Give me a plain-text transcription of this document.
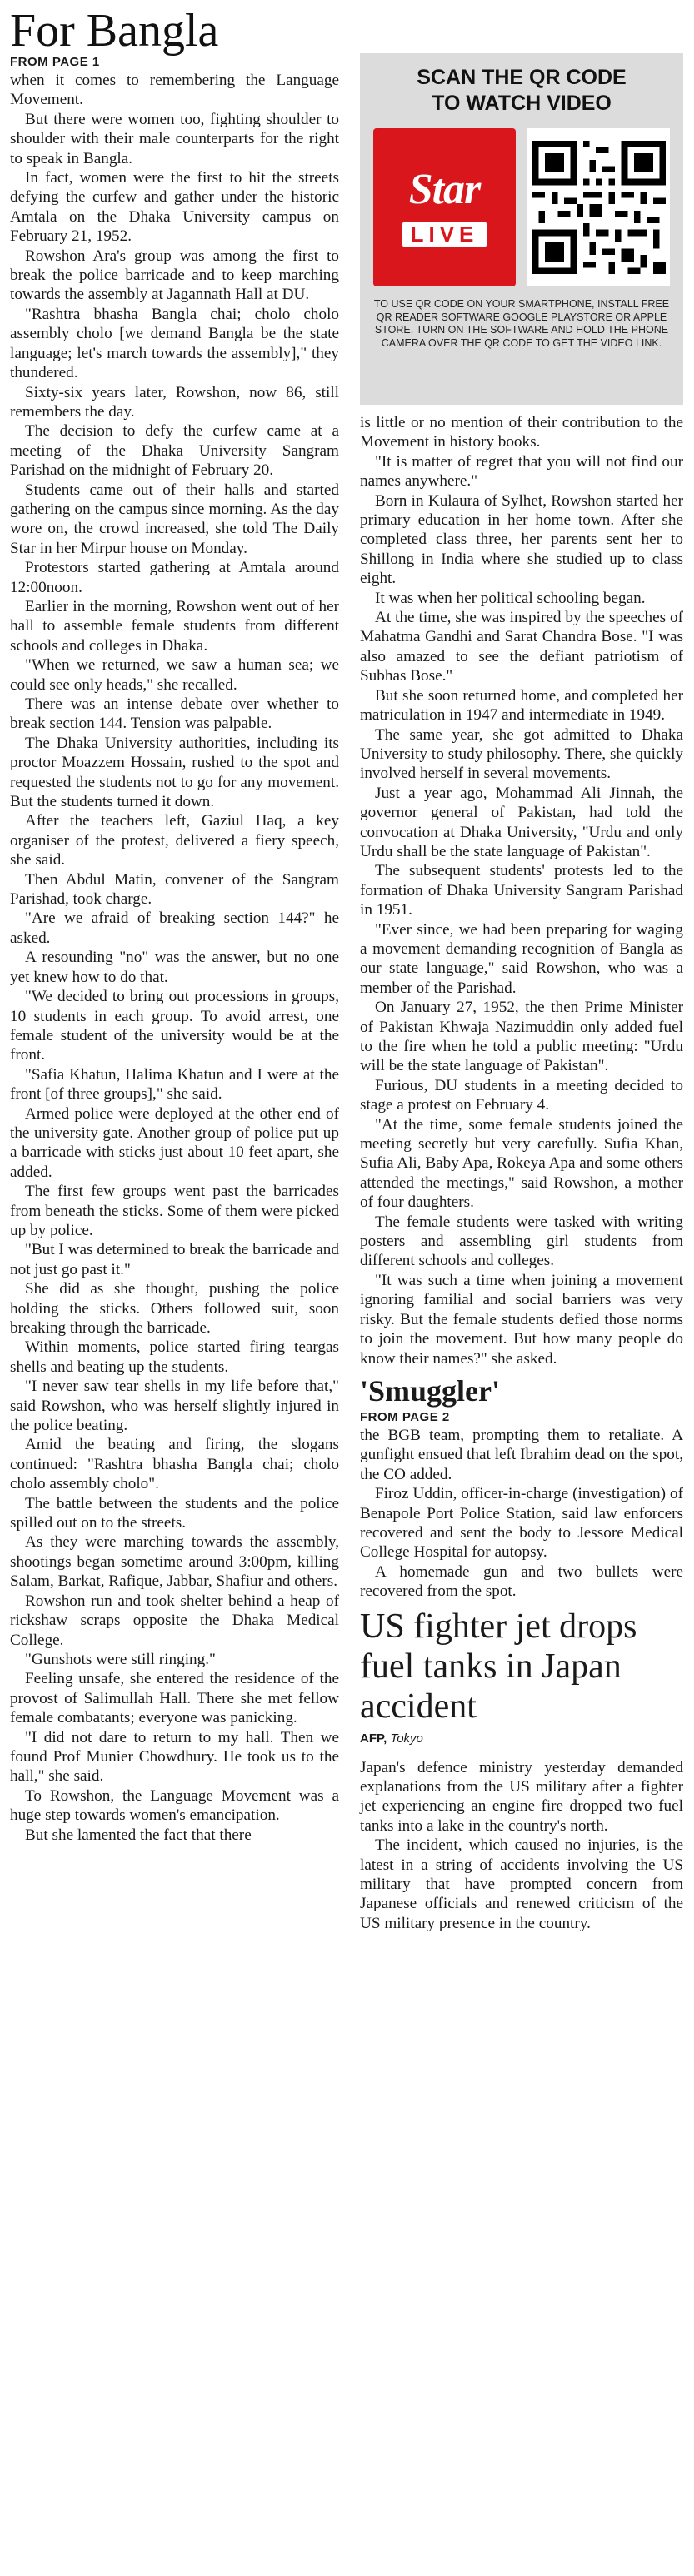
For Bangla
FROM PAGE 1

when it comes to remembering the Language Movement.

But there were women too, fighting shoulder to shoulder with their male counterparts for the right to speak in Bangla.

In fact, women were the first to hit the streets defying the curfew and gather under the historic Amtala on the Dhaka University campus on February 21, 1952.

Rowshon Ara's group was among the first to break the police barricade and to keep marching towards the assembly at Jagannath Hall at DU.

"Rashtra bhasha Bangla chai; cholo cholo assembly cholo [we demand Bangla be the state language; let's march towards the assembly]," they thundered.

Sixty-six years later, Rowshon, now 86, still remembers the day.

The decision to defy the curfew came at a meeting of the Dhaka University Sangram Parishad on the midnight of February 20.

Students came out of their halls and started gathering on the campus since morning. As the day wore on, the crowd increased, she told The Daily Star in her Mirpur house on Monday.

Protestors started gathering at Amtala around 12:00noon.

Earlier in the morning, Rowshon went out of her hall to assemble female students from different schools and colleges in Dhaka.

"When we returned, we saw a human sea; we could see only heads," she recalled.

There was an intense debate over whether to break section 144. Tension was palpable.

The Dhaka University authorities, including its proctor Moazzem Hossain, rushed to the spot and requested the students not to go for any movement. But the students turned it down.

After the teachers left, Gaziul Haq, a key organiser of the protest, delivered a fiery speech, she said.

Then Abdul Matin, convener of the Sangram Parishad, took charge.

"Are we afraid of breaking section 144?" he asked.

A resounding "no" was the answer, but no one yet knew how to do that.

"We decided to bring out processions in groups, 10 students in each group. To avoid arrest, one female student of the university would be at the front.

"Safia Khatun, Halima Khatun and I were at the front [of three groups]," she said.

Armed police were deployed at the other end of the university gate. Another group of police put up a barricade with sticks just about 10 feet apart, she added.

The first few groups went past the barricades from beneath the sticks. Some of them were picked up by police.

"But I was determined to break the barricade and not just go past it."

She did as she thought, pushing the police holding the sticks. Others followed suit, soon breaking through the barricade.

Within moments, police started firing teargas shells and beating up the students.

"I never saw tear shells in my life before that," said Rowshon, who was herself slightly injured in the police beating.

Amid the beating and firing, the slogans continued: "Rashtra bhasha Bangla chai; cholo cholo assembly cholo".

The battle between the students and the police spilled out on to the streets.

As they were marching towards the assembly, shootings began sometime around 3:00pm, killing Salam, Barkat, Rafique, Jabbar, Shafiur and others.

Rowshon run and took shelter behind a heap of rickshaw scraps opposite the Dhaka Medical College.

"Gunshots were still ringing."

Feeling unsafe, she entered the residence of the provost of Salimullah Hall. There she met fellow female combatants; everyone was panicking.

"I did not dare to return to my hall. Then we found Prof Munier Chowdhury. He took us to the hall," she said.

To Rowshon, the Language Movement was a huge step towards women's emancipation.

But she lamented the fact that there

SCAN THE QR CODE
TO WATCH VIDEO
Star
LIVE
TO USE QR CODE ON YOUR SMARTPHONE, INSTALL FREE QR READER SOFTWARE GOOGLE PLAYSTORE OR APPLE STORE. TURN ON THE SOFTWARE AND HOLD THE PHONE CAMERA OVER THE QR CODE TO GET THE VIDEO LINK.

is little or no mention of their contribution to the Movement in history books.

"It is matter of regret that you will not find our names anywhere."

Born in Kulaura of Sylhet, Rowshon started her primary education in her home town. After she completed class three, her parents sent her to Shillong in India where she studied up to class eight.

It was when her political schooling began.

At the time, she was inspired by the speeches of Mahatma Gandhi and Sarat Chandra Bose. "I was also amazed to see the defiant patriotism of Subhas Bose."

But she soon returned home, and completed her matriculation in 1947 and intermediate in 1949.

The same year, she got admitted to Dhaka University to study philosophy. There, she quickly involved herself in several movements.

Just a year ago, Mohammad Ali Jinnah, the governor general of Pakistan, had told the convocation at Dhaka University, "Urdu and only Urdu shall be the state language of Pakistan".

The subsequent students' protests led to the formation of Dhaka University Sangram Parishad in 1951.

"Ever since, we had been preparing for waging a movement demanding recognition of Bangla as our state language," said Rowshon, who was a member of the Parishad.

On January 27, 1952, the then Prime Minister of Pakistan Khwaja Nazimuddin only added fuel to the fire when he told a public meeting: "Urdu will be the state language of Pakistan".

Furious, DU students in a meeting decided to stage a protest on February 4.

"At the time, some female students joined the meeting secretly but very carefully. Sufia Khan, Sufia Ali, Baby Apa, Rokeya Apa and some others attended the meetings," said Rowshon, a mother of four daughters.

The female students were tasked with writing posters and assembling girl students from different schools and colleges.

"It was such a time when joining a movement ignoring familial and social barriers was very risky. But the female students defied those norms to join the movement. But how many people do know their names?" she asked.

'Smuggler'
FROM PAGE 2

the BGB team, prompting them to retaliate. A gunfight ensued that left Ibrahim dead on the spot, the CO added.

Firoz Uddin, officer-in-charge (investigation) of Benapole Port Police Station, said law enforcers recovered and sent the body to Jessore Medical College Hospital for autopsy.

A homemade gun and two bullets were recovered from the spot.

US fighter jet drops fuel tanks in Japan accident
AFP, Tokyo

Japan's defence ministry yesterday demanded explanations from the US military after a fighter jet experiencing an engine fire dropped two fuel tanks into a lake in the country's north.

The incident, which caused no injuries, is the latest in a string of accidents involving the US military that have prompted concern from Japanese officials and renewed criticism of the US military presence in the country.
